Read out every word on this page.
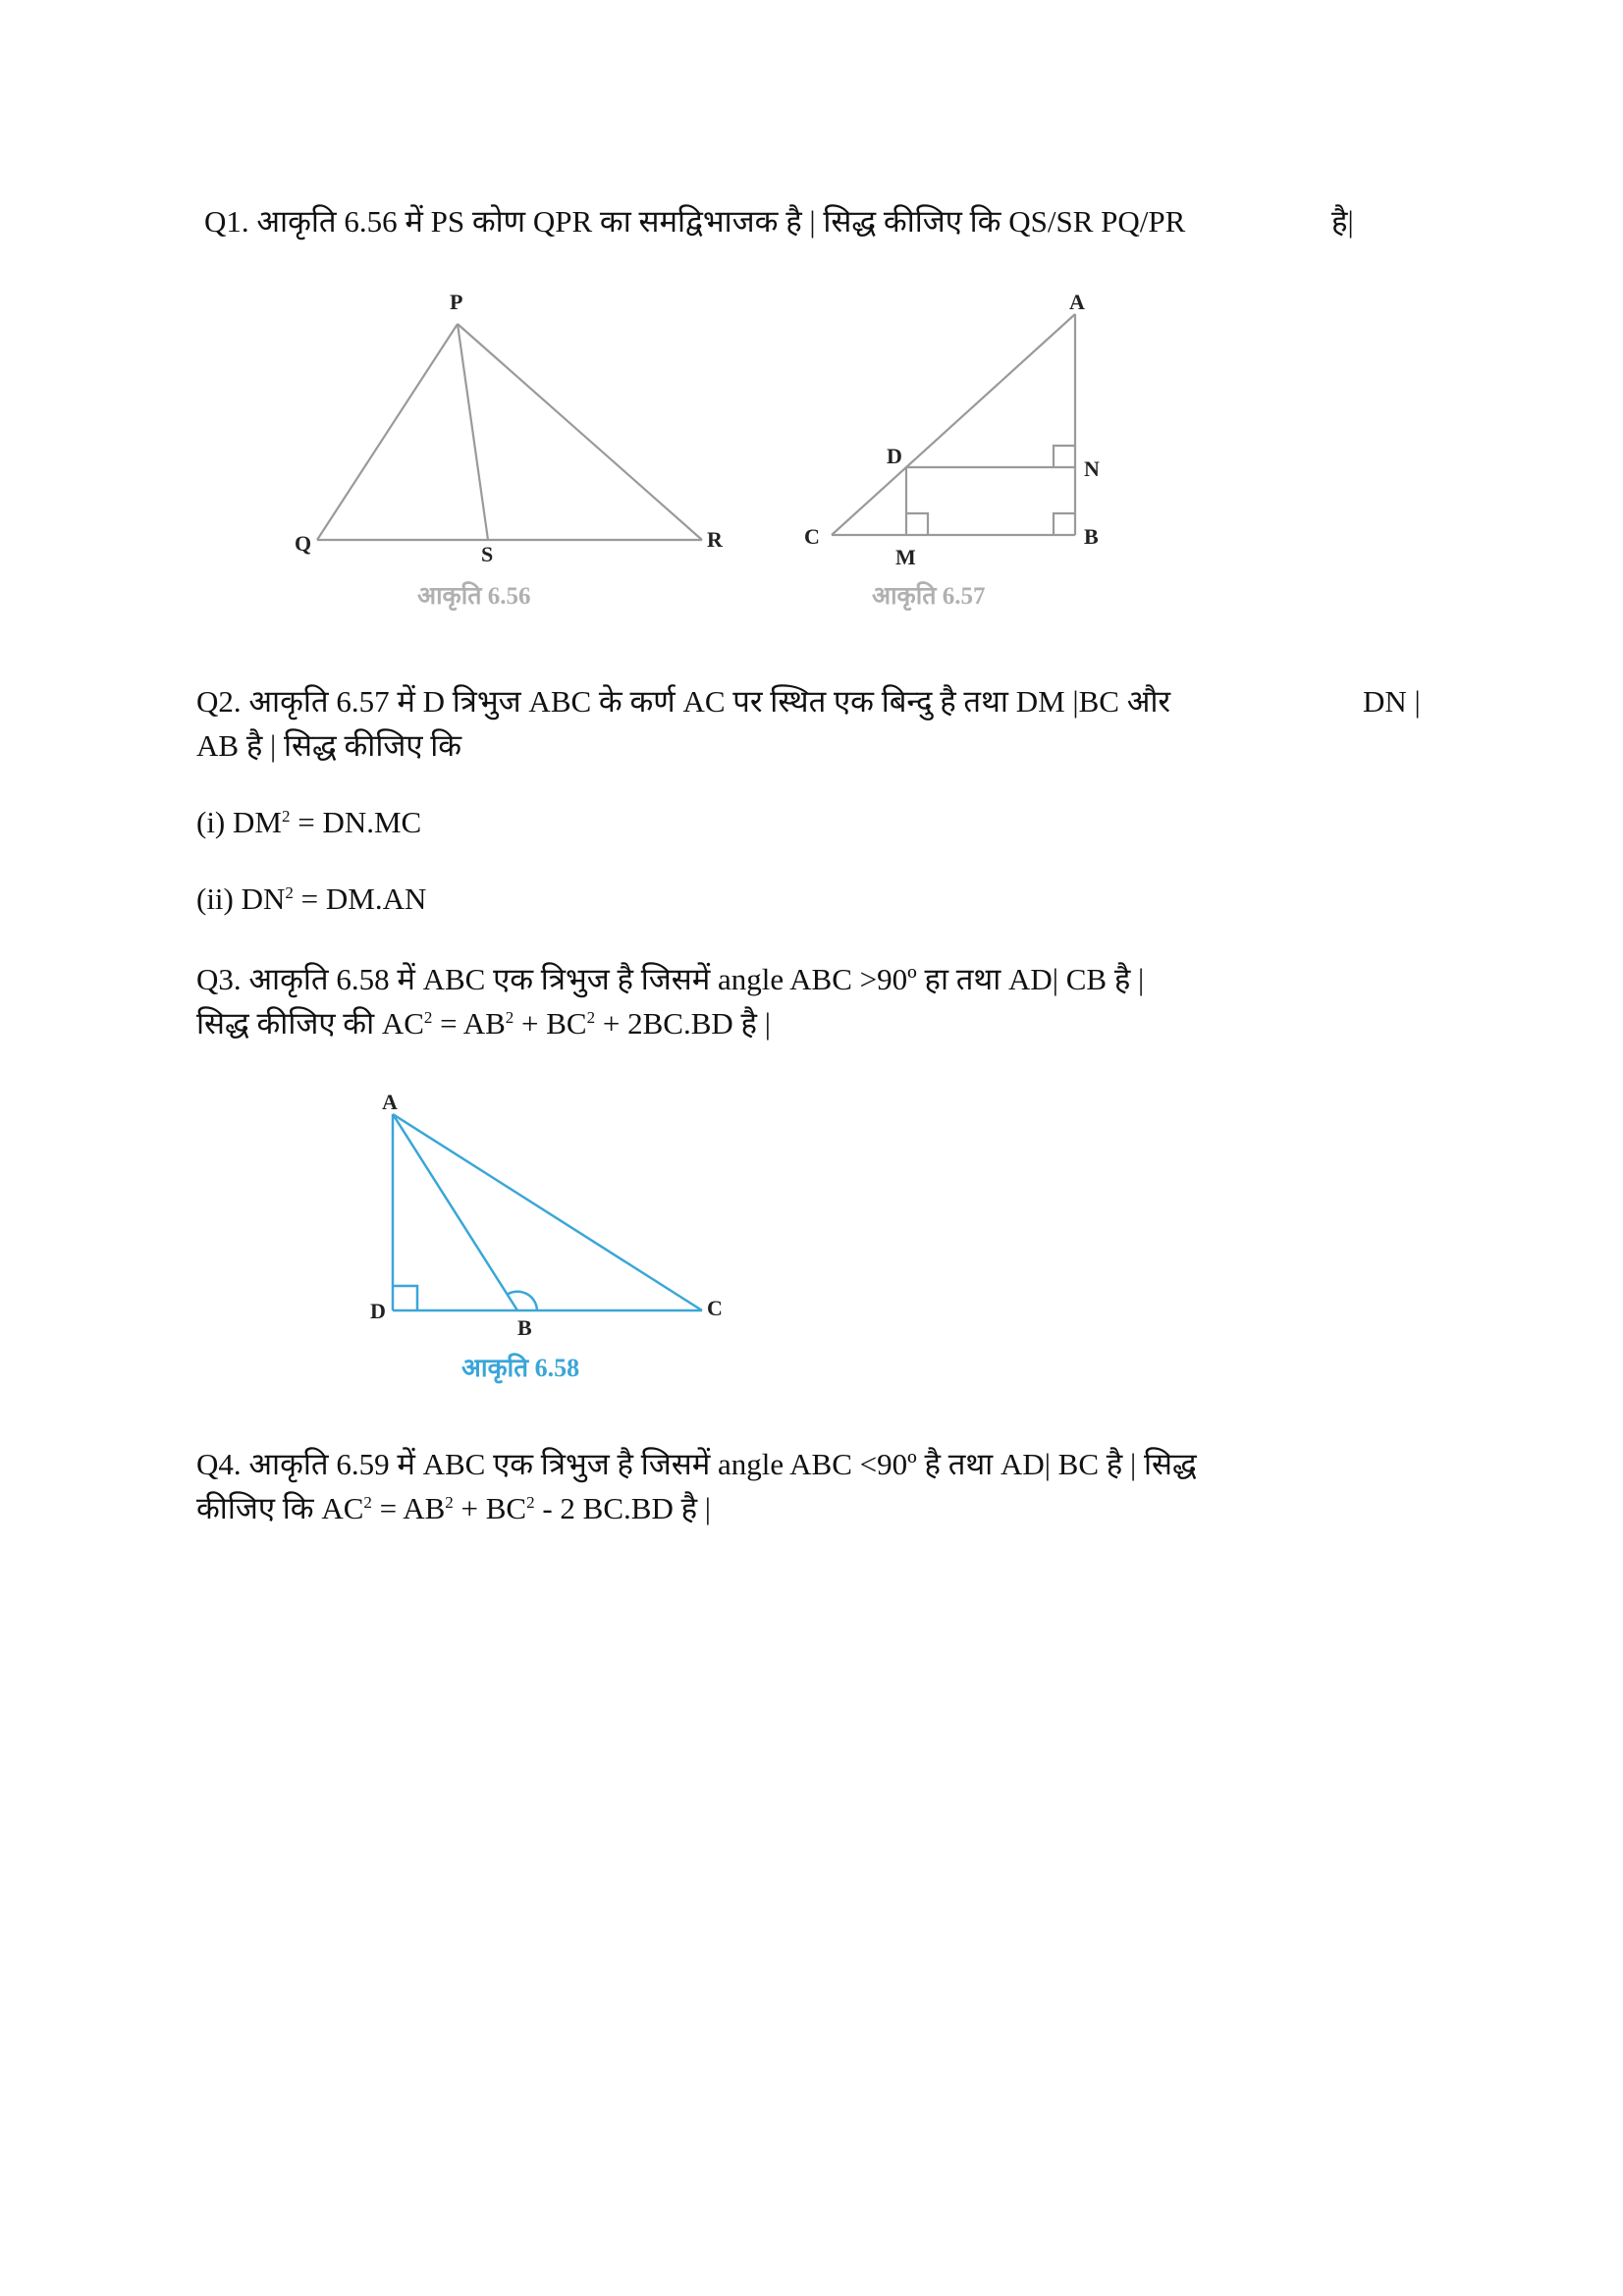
Q1. आकृति 6.56 में PS कोण QPR का समद्विभाजक है | सिद्ध कीजिए कि QS/SR PQ/PR	है|
P
Q	S
R
आकृति 6.56
A
D
N
C
M
B
आकृति 6.57
Q2. आकृति 6.57 में D त्रिभुज ABC के कर्ण AC पर स्थित एक बिन्दु है तथा DM |BC और	DN |
AB है | सिद्ध कीजिए कि
(i) $DM^2 = DN.MC$
(ii) $DN^2 = DM.AN$
Q3. आकृति 6.58 में ABC एक त्रिभुज है जिसमें angle ABC >90º हा तथा AD| CB है |
सिद्ध कीजिए की $AC^2 = AB^2 + BC^2 + 2BC.BD$ है |
A
D
B
C
आकृति 6.58
Q4. आकृति 6.59 में ABC एक त्रिभुज है जिसमें angle ABC <90º है तथा AD| BC है | सिद्ध
कीजिए कि $AC^2 = AB^2 + BC^2 - 2$ BC.BD है |
